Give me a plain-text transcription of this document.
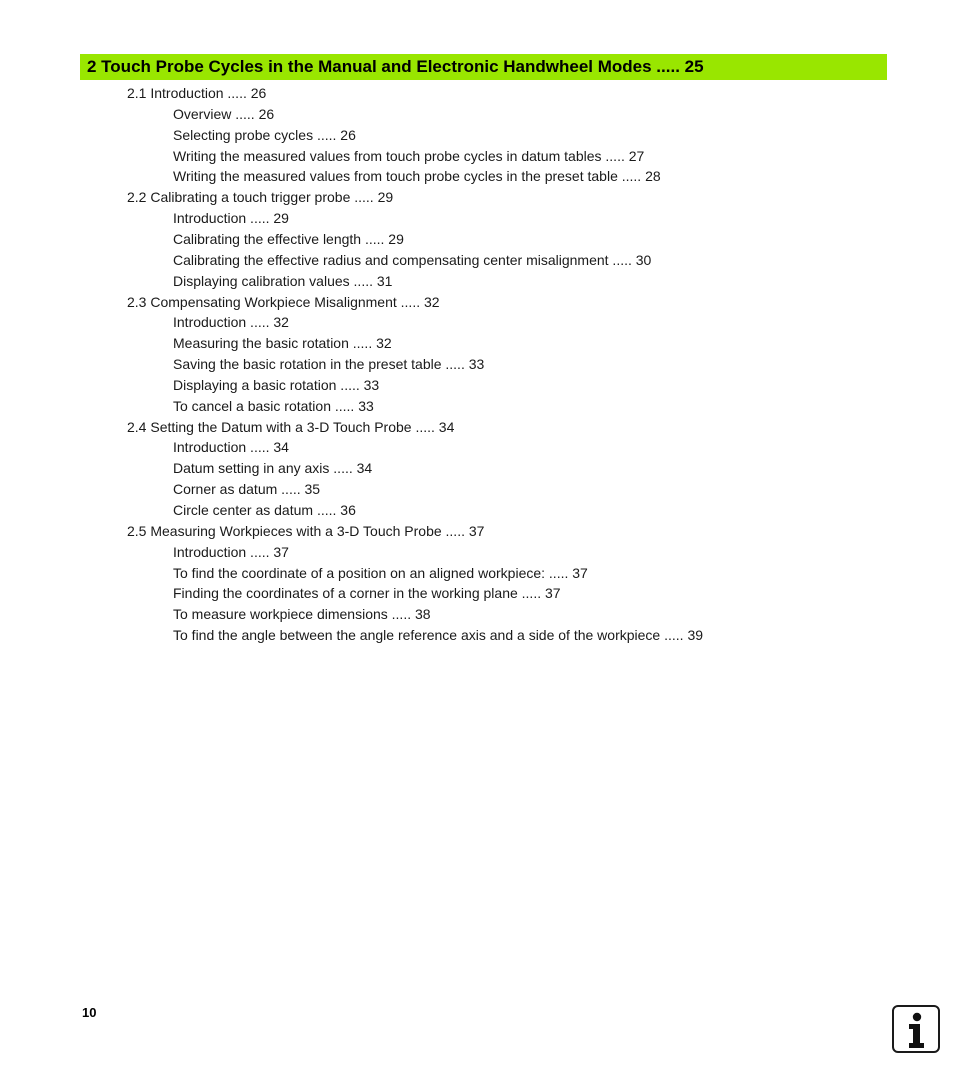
2 Touch Probe Cycles in the Manual and Electronic Handwheel Modes ..... 25
2.1 Introduction ..... 26
Overview ..... 26
Selecting probe cycles ..... 26
Writing the measured values from touch probe cycles in datum tables ..... 27
Writing the measured values from touch probe cycles in the preset table ..... 28
2.2 Calibrating a touch trigger probe ..... 29
Introduction ..... 29
Calibrating the effective length ..... 29
Calibrating the effective radius and compensating center misalignment ..... 30
Displaying calibration values ..... 31
2.3 Compensating Workpiece Misalignment ..... 32
Introduction ..... 32
Measuring the basic rotation ..... 32
Saving the basic rotation in the preset table ..... 33
Displaying a basic rotation ..... 33
To cancel a basic rotation ..... 33
2.4 Setting the Datum with a 3-D Touch Probe ..... 34
Introduction ..... 34
Datum setting in any axis ..... 34
Corner as datum ..... 35
Circle center as datum ..... 36
2.5 Measuring Workpieces with a 3-D Touch Probe ..... 37
Introduction ..... 37
To find the coordinate of a position on an aligned workpiece: ..... 37
Finding the coordinates of a corner in the working plane ..... 37
To measure workpiece dimensions ..... 38
To find the angle between the angle reference axis and a side of the workpiece ..... 39
10
